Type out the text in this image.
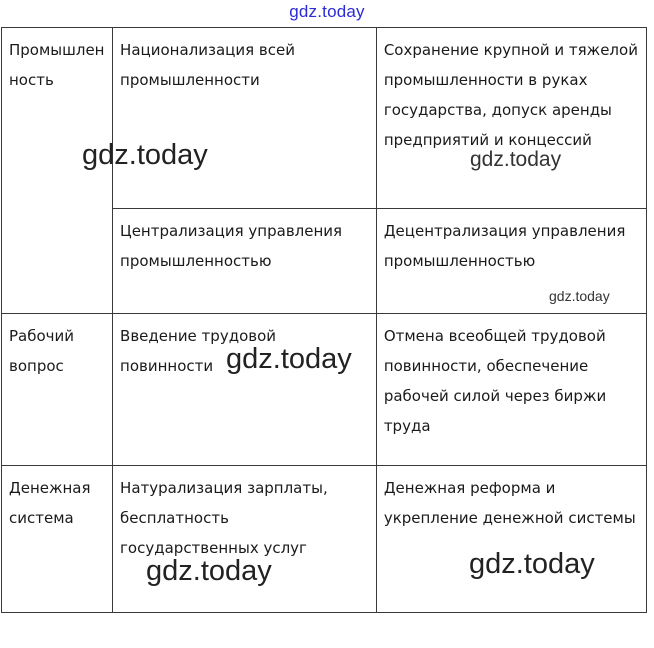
gdz.today
Промышлен ность	Национализация всей промышленности	Сохранение крупной и тяжелой промышленности в руках государства, допуск аренды предприятий и концессий
	Централизация управления промышленностью	Децентрализация управления промышленностью
Рабочий вопрос	Введение трудовой повинности	Отмена всеобщей трудовой повинности, обеспечение рабочей силой через биржи труда
Денежная система	Натурализация зарплаты, бесплатность государственных услуг	Денежная реформа и укрепление денежной системы
gdz.today	gdz.today
gdz.today
gdz.today
gdz.today	gdz.today
